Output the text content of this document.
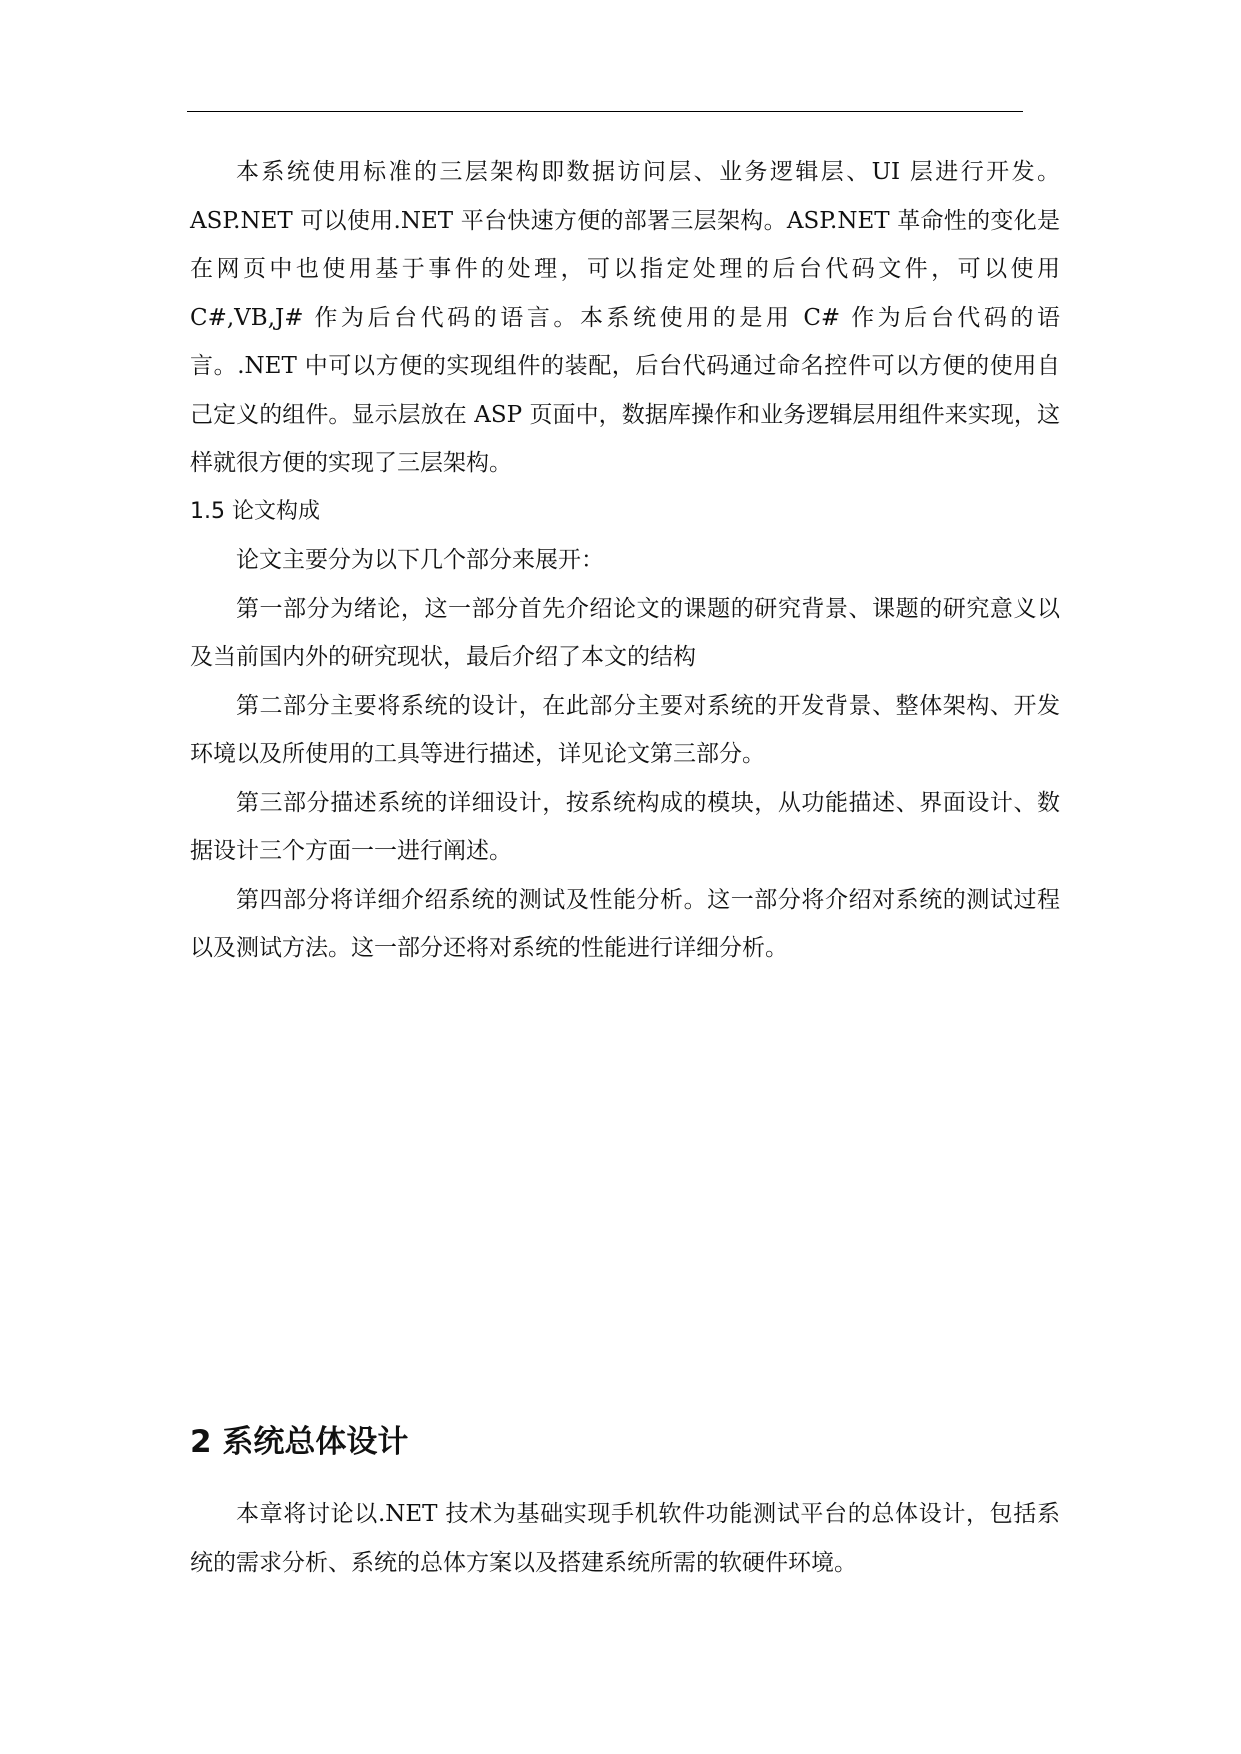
本系统使用标准的三层架构即数据访问层、业务逻辑层、UI 层进行开发。ASP.NET 可以使用.NET 平台快速方便的部署三层架构。ASP.NET 革命性的变化是在网页中也使用基于事件的处理，可以指定处理的后台代码文件，可以使用 C#,VB,J# 作为后台代码的语言。本系统使用的是用 C# 作为后台代码的语言。.NET 中可以方便的实现组件的装配，后台代码通过命名控件可以方便的使用自己定义的组件。显示层放在 ASP 页面中，数据库操作和业务逻辑层用组件来实现，这样就很方便的实现了三层架构。

1.5 论文构成

论文主要分为以下几个部分来展开：

第一部分为绪论，这一部分首先介绍论文的课题的研究背景、课题的研究意义以及当前国内外的研究现状，最后介绍了本文的结构

第二部分主要将系统的设计，在此部分主要对系统的开发背景、整体架构、开发环境以及所使用的工具等进行描述，详见论文第三部分。

第三部分描述系统的详细设计，按系统构成的模块，从功能描述、界面设计、数据设计三个方面一一进行阐述。

第四部分将详细介绍系统的测试及性能分析。这一部分将介绍对系统的测试过程以及测试方法。这一部分还将对系统的性能进行详细分析。

2 系统总体设计

本章将讨论以.NET 技术为基础实现手机软件功能测试平台的总体设计，包括系统的需求分析、系统的总体方案以及搭建系统所需的软硬件环境。
